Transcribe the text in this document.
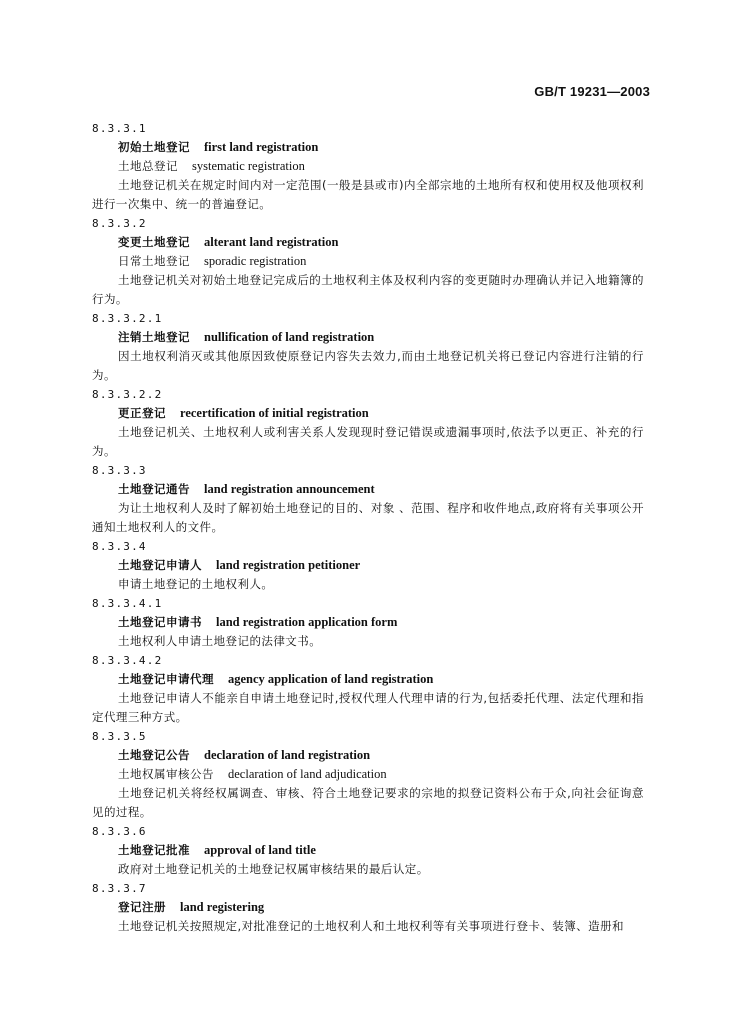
GB/T 19231—2003
8.3.3.1
初始土地登记 first land registration
土地总登记 systematic registration
土地登记机关在规定时间内对一定范围(一般是县或市)内全部宗地的土地所有权和使用权及他项权利进行一次集中、统一的普遍登记。
8.3.3.2
变更土地登记 alterant land registration
日常土地登记 sporadic registration
土地登记机关对初始土地登记完成后的土地权利主体及权利内容的变更随时办理确认并记入地籍簿的行为。
8.3.3.2.1
注销土地登记 nullification of land registration
因土地权利消灭或其他原因致使原登记内容失去效力,而由土地登记机关将已登记内容进行注销的行为。
8.3.3.2.2
更正登记 recertification of initial registration
土地登记机关、土地权利人或利害关系人发现现时登记错误或遗漏事项时,依法予以更正、补充的行为。
8.3.3.3
土地登记通告 land registration announcement
为让土地权利人及时了解初始土地登记的目的、对象 、范围、程序和收件地点,政府将有关事项公开通知土地权利人的文件。
8.3.3.4
土地登记申请人 land registration petitioner
申请土地登记的土地权利人。
8.3.3.4.1
土地登记申请书 land registration application form
土地权利人申请土地登记的法律文书。
8.3.3.4.2
土地登记申请代理 agency application of land registration
土地登记申请人不能亲自申请土地登记时,授权代理人代理申请的行为,包括委托代理、法定代理和指定代理三种方式。
8.3.3.5
土地登记公告 declaration of land registration
土地权属审核公告 declaration of land adjudication
土地登记机关将经权属调查、审核、符合土地登记要求的宗地的拟登记资料公布于众,向社会征询意见的过程。
8.3.3.6
土地登记批准 approval of land title
政府对土地登记机关的土地登记权属审核结果的最后认定。
8.3.3.7
登记注册 land registering
土地登记机关按照规定,对批准登记的土地权利人和土地权利等有关事项进行登卡、装簿、造册和
